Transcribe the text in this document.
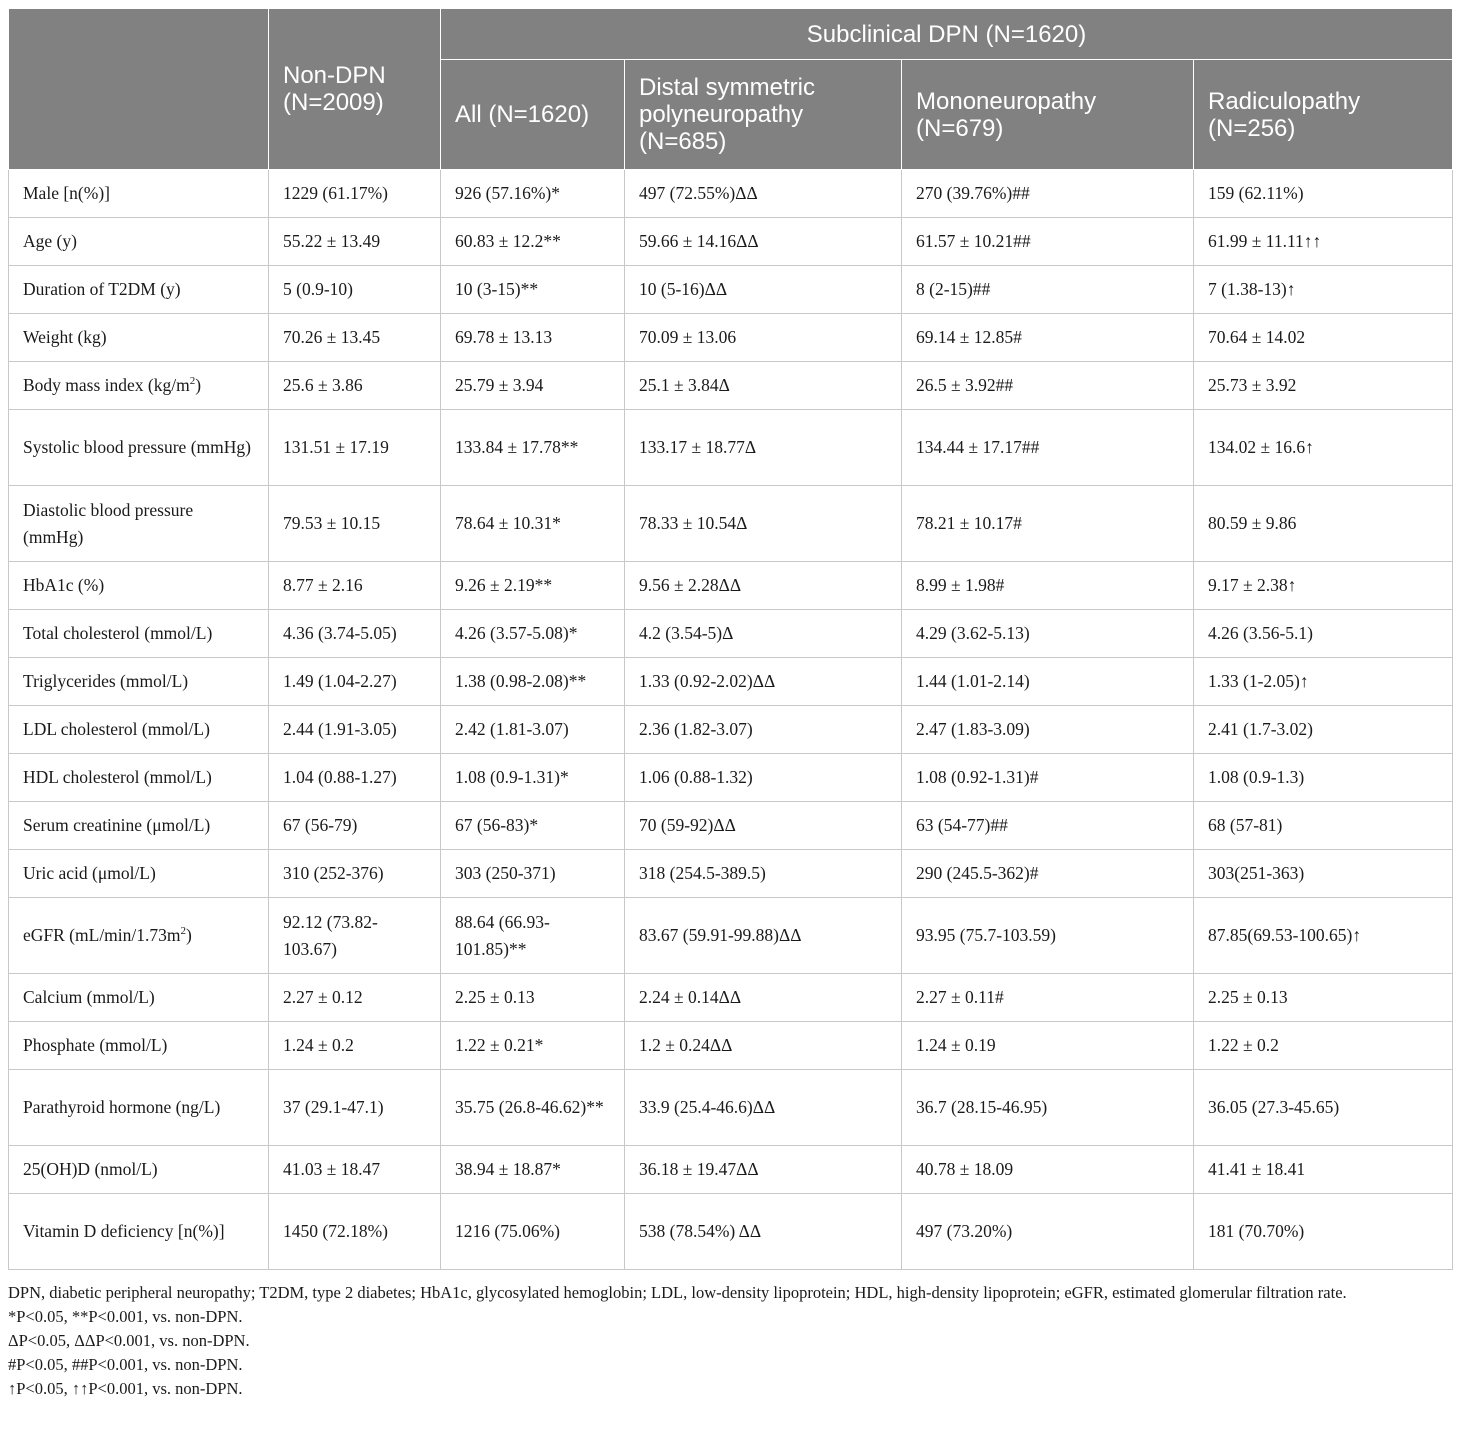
	Non-DPN (N=2009)	Subclinical DPN (N=1620)			
		All (N=1620)	Distal symmetric polyneuropathy (N=685)	Mononeuropathy (N=679)	Radiculopathy (N=256)
Male [n(%)]	1229 (61.17%)	926 (57.16%)*	497 (72.55%)ΔΔ	270 (39.76%)##	159 (62.11%)
Age (y)	55.22 ± 13.49	60.83 ± 12.2**	59.66 ± 14.16ΔΔ	61.57 ± 10.21##	61.99 ± 11.11↑↑
Duration of T2DM (y)	5 (0.9-10)	10 (3-15)**	10 (5-16)ΔΔ	8 (2-15)##	7 (1.38-13)↑
Weight (kg)	70.26 ± 13.45	69.78 ± 13.13	70.09 ± 13.06	69.14 ± 12.85#	70.64 ± 14.02
Body mass index $(kg/m^2)$	25.6 ± 3.86	25.79 ± 3.94	25.1 ± 3.84Δ	26.5 ± 3.92##	25.73 ± 3.92
Systolic blood pressure (mmHg)	131.51 ± 17.19	133.84 ± 17.78**	133.17 ± 18.77Δ	134.44 ± 17.17##	134.02 ± 16.6↑
Diastolic blood pressure (mmHg)	79.53 ± 10.15	78.64 ± 10.31*	78.33 ± 10.54Δ	78.21 ± 10.17#	80.59 ± 9.86
HbA1c (%)	8.77 ± 2.16	9.26 ± 2.19**	9.56 ± 2.28ΔΔ	8.99 ± 1.98#	9.17 ± 2.38↑
Total cholesterol (mmol/L)	4.36 (3.74-5.05)	4.26 (3.57-5.08)*	4.2 (3.54-5)Δ	4.29 (3.62-5.13)	4.26 (3.56-5.1)
Triglycerides (mmol/L)	1.49 (1.04-2.27)	1.38 (0.98-2.08)**	1.33 (0.92-2.02)ΔΔ	1.44 (1.01-2.14)	1.33 (1-2.05)↑
LDL cholesterol (mmol/L)	2.44 (1.91-3.05)	2.42 (1.81-3.07)	2.36 (1.82-3.07)	2.47 (1.83-3.09)	2.41 (1.7-3.02)
HDL cholesterol (mmol/L)	1.04 (0.88-1.27)	1.08 (0.9-1.31)*	1.06 (0.88-1.32)	1.08 (0.92-1.31)#	1.08 (0.9-1.3)
Serum creatinine (μmol/L)	67 (56-79)	67 (56-83)*	70 (59-92)ΔΔ	63 (54-77)##	68 (57-81)
Uric acid (μmol/L)	310 (252-376)	303 (250-371)	318 (254.5-389.5)	290 (245.5-362)#	303(251-363)
eGFR $(mL/\min/1.73m^2)$	92.12 (73.82-103.67)	88.64 (66.93-101.85)**	83.67 (59.91-99.88)ΔΔ	93.95 (75.7-103.59)	87.85(69.53-100.65)↑
Calcium (mmol/L)	2.27 ± 0.12	2.25 ± 0.13	2.24 ± 0.14ΔΔ	2.27 ± 0.11#	2.25 ± 0.13
Phosphate (mmol/L)	1.24 ± 0.2	1.22 ± 0.21*	1.2 ± 0.24ΔΔ	1.24 ± 0.19	1.22 ± 0.2
Parathyroid hormone (ng/L)	37 (29.1-47.1)	35.75 (26.8-46.62)**	33.9 (25.4-46.6)ΔΔ	36.7 (28.15-46.95)	36.05 (27.3-45.65)
25(OH)D (nmol/L)	41.03 ± 18.47	38.94 ± 18.87*	36.18 ± 19.47ΔΔ	40.78 ± 18.09	41.41 ± 18.41
Vitamin D deficiency [n(%)]	1450 (72.18%)	1216 (75.06%)	538 (78.54%) ΔΔ	497 (73.20%)	181 (70.70%)

DPN, diabetic peripheral neuropathy; T2DM, type 2 diabetes; HbA1c, glycosylated hemoglobin; LDL, low-density lipoprotein; HDL, high-density lipoprotein; eGFR, estimated glomerular filtration rate.

*P<0.05, **P<0.001, vs. non-DPN.

ΔP<0.05, ΔΔP<0.001, vs. non-DPN.

#P<0.05, ##P<0.001, vs. non-DPN.

↑P<0.05, ↑↑P<0.001, vs. non-DPN.
